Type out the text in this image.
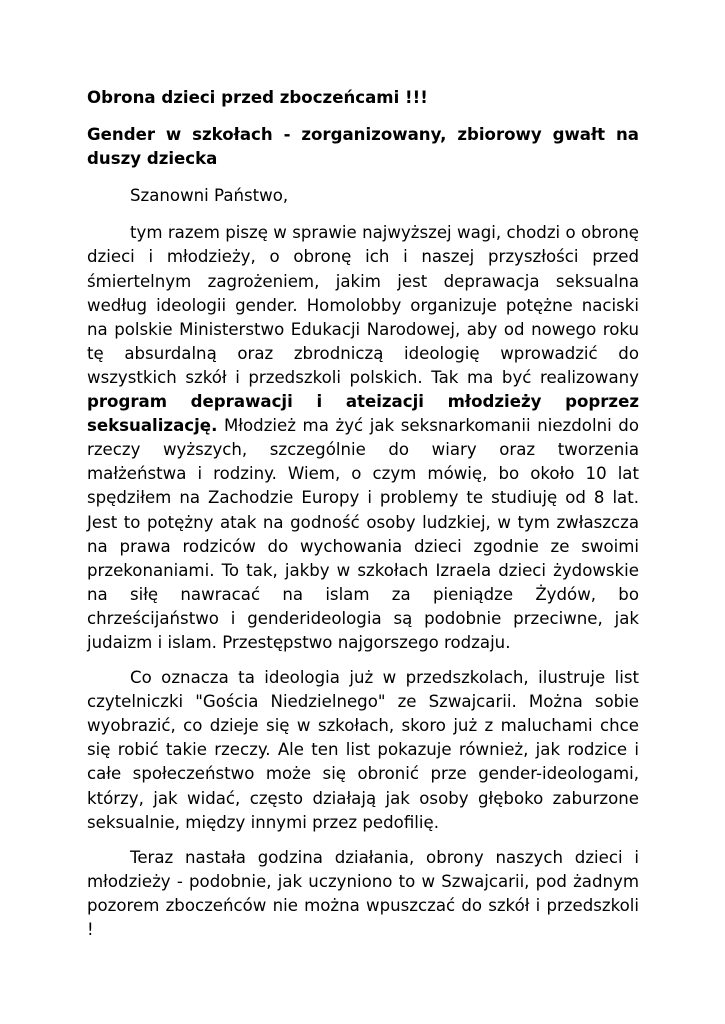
Obrona dzieci przed zboczeńcami !!!
Gender w szkołach - zorganizowany, zbiorowy gwałt na duszy dziecka

Szanowni Państwo,

tym razem piszę w sprawie najwyższej wagi, chodzi o obronę dzieci i młodzieży, o obronę ich i naszej przyszłości przed śmiertelnym zagrożeniem, jakim jest deprawacja seksualna według ideologii gender. Homolobby organizuje potężne naciski na polskie Ministerstwo Edukacji Narodowej, aby od nowego roku tę absurdalną oraz zbrodniczą ideologię wprowadzić do wszystkich szkół i przedszkoli polskich. Tak ma być realizowany program deprawacji i ateizacji młodzieży poprzez seksualizację. Młodzież ma żyć jak seksnarkomanii niezdolni do rzeczy wyższych, szczególnie do wiary oraz tworzenia małżeństwa i rodziny. Wiem, o czym mówię, bo około 10 lat spędziłem na Zachodzie Europy i problemy te studiuję od 8 lat. Jest to potężny atak na godność osoby ludzkiej, w tym zwłaszcza na prawa rodziców do wychowania dzieci zgodnie ze swoimi przekonaniami. To tak, jakby w szkołach Izraela dzieci żydowskie na siłę nawracać na islam za pieniądze Żydów, bo chrześcijaństwo i genderideologia są podobnie przeciwne, jak judaizm i islam. Przestępstwo najgorszego rodzaju.

Co oznacza ta ideologia już w przedszkolach, ilustruje list czytelniczki "Gościa Niedzielnego" ze Szwajcarii. Można sobie wyobrazić, co dzieje się w szkołach, skoro już z maluchami chce się robić takie rzeczy. Ale ten list pokazuje również, jak rodzice i całe społeczeństwo może się obronić prze gender-ideologami, którzy, jak widać, często działają jak osoby głęboko zaburzone seksualnie, między innymi przez pedofilię.

Teraz nastała godzina działania, obrony naszych dzieci i młodzieży - podobnie, jak uczyniono to w Szwajcarii, pod żadnym pozorem zboczeńców nie można wpuszczać do szkół i przedszkoli !
